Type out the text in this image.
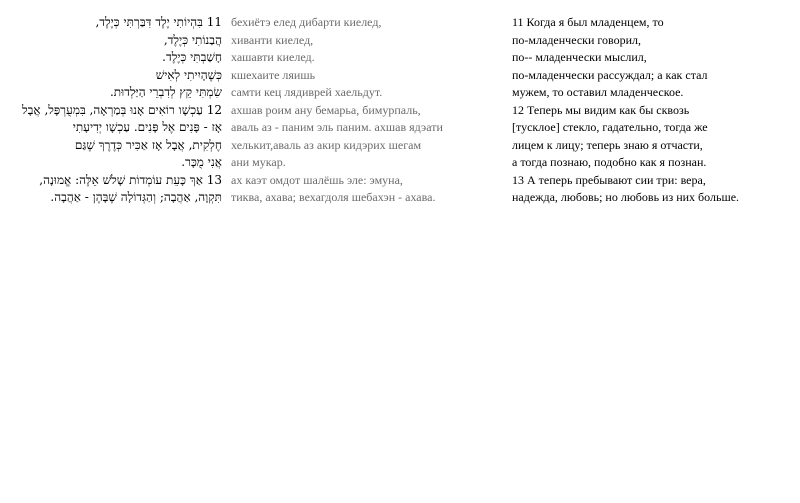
11 בִּהְיוֹתִי יֶלֶד דִּבַּרְתִּי כְּיֶלֶד,
הֲבַנוֹתִי כְּיֶלֶד,
חָשַׁבְתִּי כְּיֶלֶד.
כְּשֶׁהָיִיתִי לְאִישׁ
שִׂמְתִּי קֵץ לְדִבְרֵי הַיַּלְדוּת.
12 עַכְשָׁו רוֹאִים אָנוּ בְּמַרְאָה, בִּמְעֻרְפָּל, אֲבָל
אָז - פָּנִים אֶל פָּנִים. עַכְשָׁו יְדִיעָתִי
חֶלְקִית, אֲבָל אָז אַכִּיר כְּדֶרֶךְ שֶׁגַּם
אֲנִי מֻכָּר.
13 אַךְ כָּעֵת עוֹמְדוֹת שָׁלֹשׁ אֵלֶּה: אֱמוּנָה,
תִּקְוָה, אַהֲבָה; וְהַגְּדוֹלָה שֶׁבָּהֶן - אַהֲבָה.
бехиётэ елед дибарти киелед,
хиванти киелед,
хашавти киелед.
кшехаите ляишь
самти кец лядиврей хаельдут.
ахшав роим ану бемарьа, бимурпаль,
аваль аз - паним эль паним. ахшав ядэати
хелькит,аваль аз акир кидэрих шегам
ани мукар.
ах каэт омдот шалёшь эле: эмуна,
тиква, ахава; вехагдоля шебахэн - ахава.
11 Когда я был младенцем, то
по-младенчески говорил,
по-- младенчески мыслил,
по-младенчески рассуждал; а как стал
мужем, то оставил младенческое.
12 Теперь мы видим как бы сквозь
[тусклое] стекло, гадательно, тогда же
лицем к лицу; теперь знаю я отчасти,
а тогда познаю, подобно как я познан.
13 А теперь пребывают сии три: вера,
надежда, любовь; но любовь из них больше.
